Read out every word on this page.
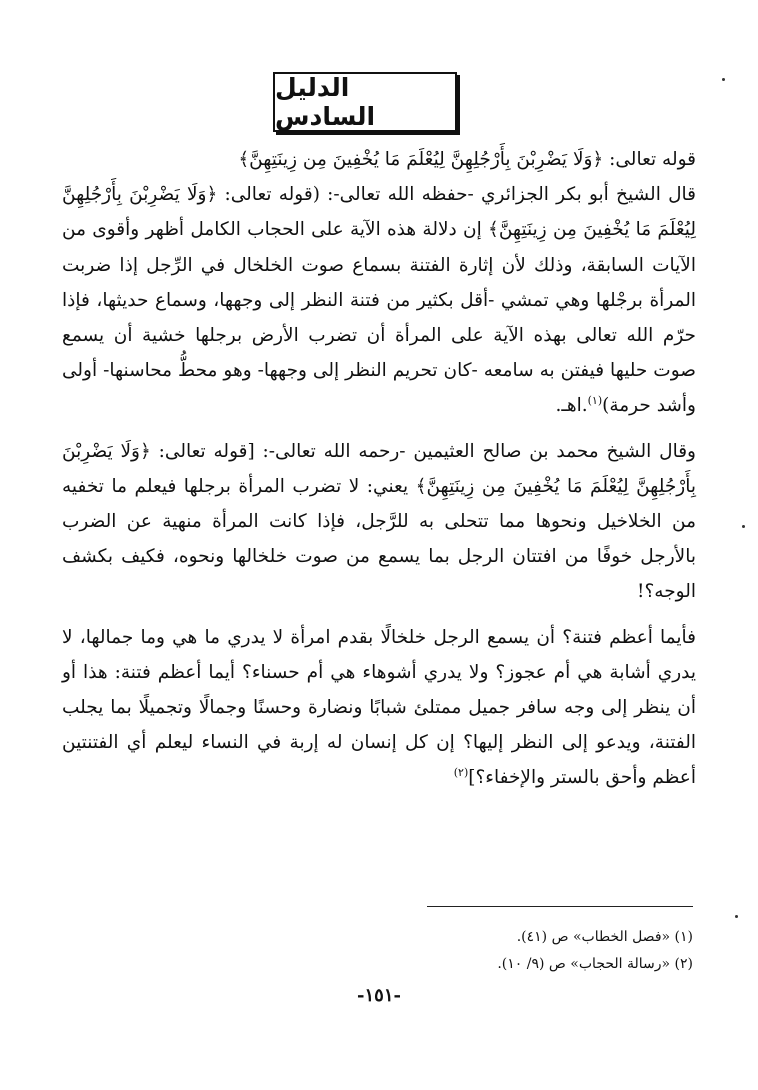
الدليل السادس

قوله تعالى: ﴿وَلَا يَضْرِبْنَ بِأَرْجُلِهِنَّ لِيُعْلَمَ مَا يُخْفِينَ مِن زِينَتِهِنَّ﴾

قال الشيخ أبو بكر الجزائري -حفظه الله تعالى-: (قوله تعالى: ﴿وَلَا يَضْرِبْنَ بِأَرْجُلِهِنَّ لِيُعْلَمَ مَا يُخْفِينَ مِن زِينَتِهِنَّ﴾ إن دلالة هذه الآية على الحجاب الكامل أظهر وأقوى من الآيات السابقة، وذلك لأن إثارة الفتنة بسماع صوت الخلخال في الرِّجل إذا ضربت المرأة برجْلها وهي تمشي -أقل بكثير من فتنة النظر إلى وجهها، وسماع حديثها، فإذا حرّم الله تعالى بهذه الآية على المرأة أن تضرب الأرض برجلها خشية أن يسمع صوت حليها فيفتن به سامعه -كان تحريم النظر إلى وجهها- وهو محطُّ محاسنها- أولى وأشد حرمة)$^{(١)}$.اهـ.

وقال الشيخ محمد بن صالح العثيمين -رحمه الله تعالى-: [قوله تعالى: ﴿وَلَا يَضْرِبْنَ بِأَرْجُلِهِنَّ لِيُعْلَمَ مَا يُخْفِينَ مِن زِينَتِهِنَّ﴾ يعني: لا تضرب المرأة برجلها فيعلم ما تخفيه من الخلاخيل ونحوها مما تتحلى به للرَّجل، فإذا كانت المرأة منهية عن الضرب بالأرجل خوفًا من افتتان الرجل بما يسمع من صوت خلخالها ونحوه، فكيف بكشف الوجه؟!

فأيما أعظم فتنة؟ أن يسمع الرجل خلخالًا بقدم امرأة لا يدري ما هي وما جمالها، لا يدري أشابة هي أم عجوز؟ ولا يدري أشوهاء هي أم حسناء؟ أيما أعظم فتنة: هذا أو أن ينظر إلى وجه سافر جميل ممتلئ شبابًا ونضارة وحسنًا وجمالًا وتجميلًا بما يجلب الفتنة، ويدعو إلى النظر إليها؟ إن كل إنسان له إربة في النساء ليعلم أي الفتنتين أعظم وأحق بالستر والإخفاء؟]$^{(٢)}$

(١) «فصل الخطاب» ص (٤١).
(٢) «رسالة الحجاب» ص (٩/ ١٠).
-١٥١-
